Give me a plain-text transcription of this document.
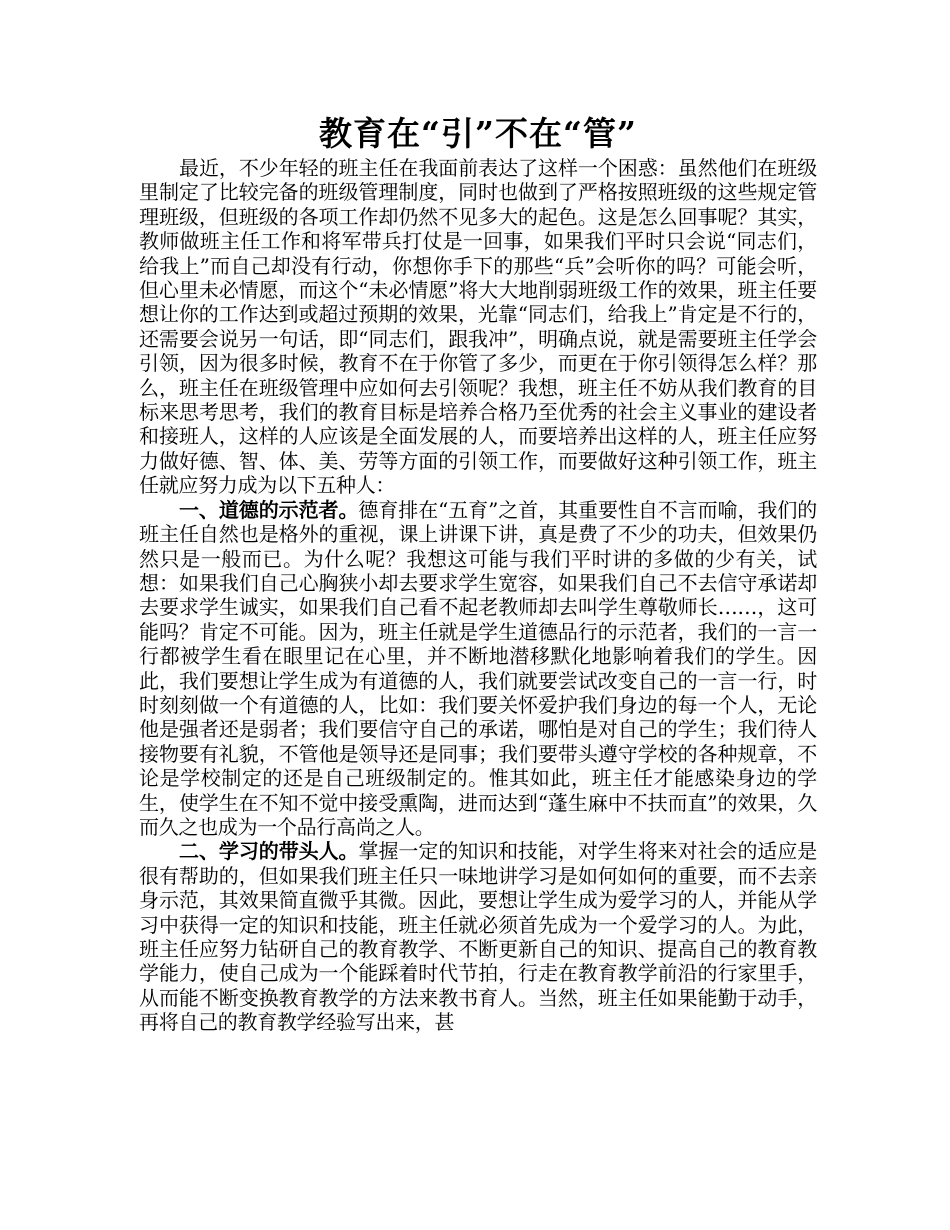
教育在“引”不在“管”

最近，不少年轻的班主任在我面前表达了这样一个困惑：虽然他们在班级里制定了比较完备的班级管理制度，同时也做到了严格按照班级的这些规定管理班级，但班级的各项工作却仍然不见多大的起色。这是怎么回事呢？其实，教师做班主任工作和将军带兵打仗是一回事，如果我们平时只会说“同志们，给我上”而自己却没有行动，你想你手下的那些“兵”会听你的吗？可能会听，但心里未必情愿，而这个“未必情愿”将大大地削弱班级工作的效果，班主任要想让你的工作达到或超过预期的效果，光靠“同志们，给我上”肯定是不行的，还需要会说另一句话，即“同志们，跟我冲”，明确点说，就是需要班主任学会引领，因为很多时候，教育不在于你管了多少，而更在于你引领得怎么样？那么，班主任在班级管理中应如何去引领呢？我想，班主任不妨从我们教育的目标来思考思考，我们的教育目标是培养合格乃至优秀的社会主义事业的建设者和接班人，这样的人应该是全面发展的人，而要培养出这样的人，班主任应努力做好德、智、体、美、劳等方面的引领工作，而要做好这种引领工作，班主任就应努力成为以下五种人：

一、道德的示范者。德育排在“五育”之首，其重要性自不言而喻，我们的班主任自然也是格外的重视，课上讲课下讲，真是费了不少的功夫，但效果仍然只是一般而已。为什么呢？我想这可能与我们平时讲的多做的少有关，试想：如果我们自己心胸狭小却去要求学生宽容，如果我们自己不去信守承诺却去要求学生诚实，如果我们自己看不起老教师却去叫学生尊敬师长……，这可能吗？肯定不可能。因为，班主任就是学生道德品行的示范者，我们的一言一行都被学生看在眼里记在心里，并不断地潜移默化地影响着我们的学生。因此，我们要想让学生成为有道德的人，我们就要尝试改变自己的一言一行，时时刻刻做一个有道德的人，比如：我们要关怀爱护我们身边的每一个人，无论他是强者还是弱者；我们要信守自己的承诺，哪怕是对自己的学生；我们待人接物要有礼貌，不管他是领导还是同事；我们要带头遵守学校的各种规章，不论是学校制定的还是自己班级制定的。惟其如此，班主任才能感染身边的学生，使学生在不知不觉中接受熏陶，进而达到“蓬生麻中不扶而直”的效果，久而久之也成为一个品行高尚之人。

二、学习的带头人。掌握一定的知识和技能，对学生将来对社会的适应是很有帮助的，但如果我们班主任只一味地讲学习是如何如何的重要，而不去亲身示范，其效果简直微乎其微。因此，要想让学生成为爱学习的人，并能从学习中获得一定的知识和技能，班主任就必须首先成为一个爱学习的人。为此，班主任应努力钻研自己的教育教学、不断更新自己的知识、提高自己的教育教学能力，使自己成为一个能踩着时代节拍，行走在教育教学前沿的行家里手，从而能不断变换教育教学的方法来教书育人。当然，班主任如果能勤于动手，再将自己的教育教学经验写出来，甚
